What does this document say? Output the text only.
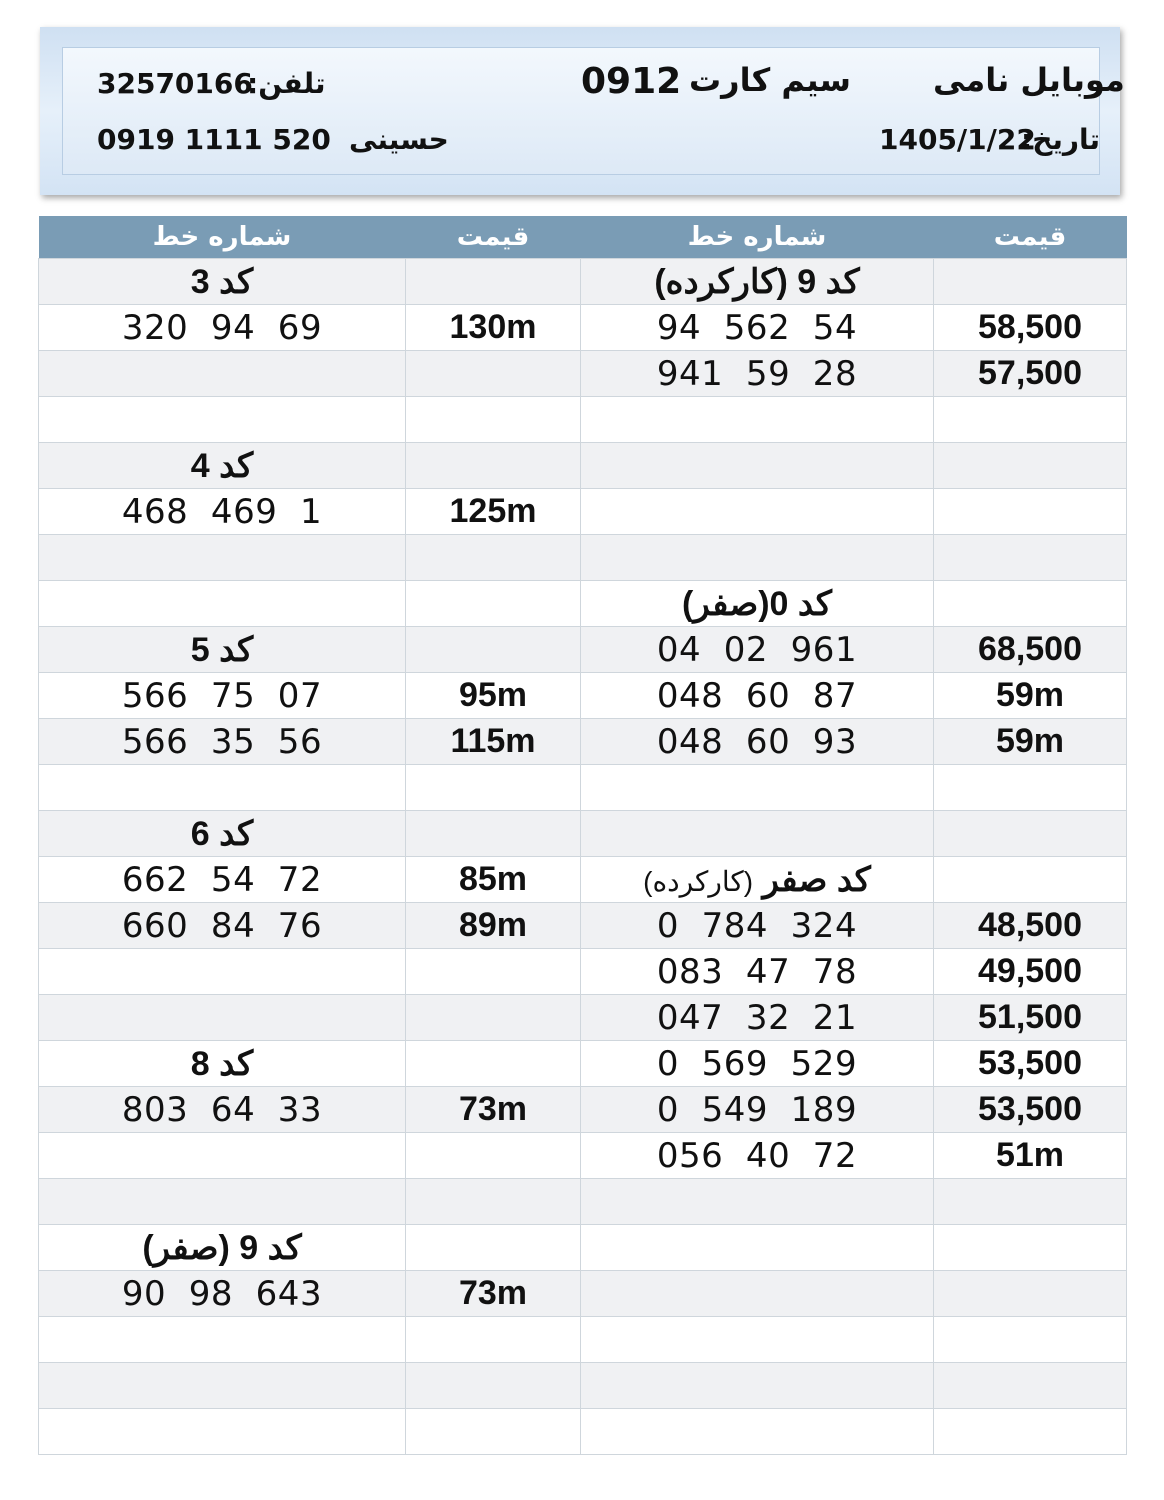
تلفن:
32570166	0912 سیم کارت	موبایل نامی
0919 1111 520 حسینی	1405/1/22
تاریخ:
شماره خط	قیمت	شماره خط	قیمت
کد 3		کد 9 (کارکرده)	
320  94  69	130m	94  562  54	58,500
		941  59  28	57,500

کد 4			
468  469  1	125m		

		کد 0(صفر)	
کد 5		04  02  961	68,500
566  75  07	95m	048  60  87	59m
566  35  56	115m	048  60  93	59m

کد 6			
662  54  72	85m	(کارکرده) کد صفر	
660  84  76	89m	0  784  324	48,500
		083  47  78	49,500
		047  32  21	51,500
کد 8		0  569  529	53,500
803  64  33	73m	0  549  189	53,500
		056  40  72	51m

کد 9 (صفر)			
90  98  643	73m		
